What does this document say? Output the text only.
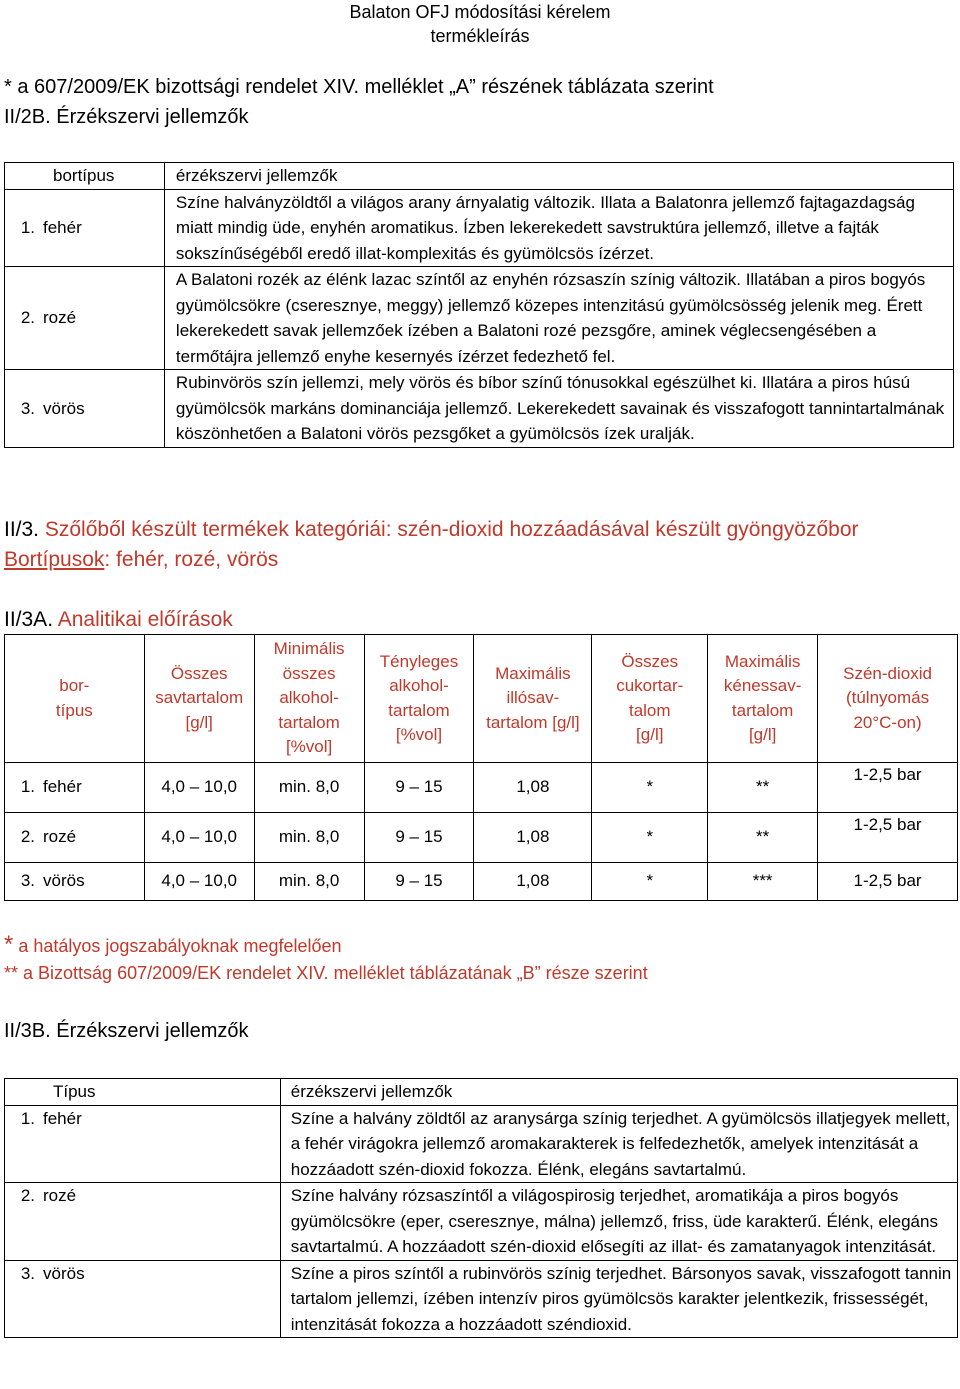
Balaton OFJ módosítási kérelem
termékleírás
* a 607/2009/EK bizottsági rendelet XIV. melléklet „A” részének táblázata szerint
II/2B. Érzékszervi jellemzők
bortípus	érzékszervi jellemzők
1. fehér	Színe halványzöldtől a világos arany árnyalatig változik. Illata a Balatonra jellemző fajtagazdagság miatt mindig üde, enyhén aromatikus. Ízben lekerekedett savstruktúra jellemző, illetve a fajták sokszínűségéből eredő illat-komplexitás és gyümölcsös ízérzet.
2. rozé	A Balatoni rozék az élénk lazac színtől az enyhén rózsaszín színig változik. Illatában a piros bogyós gyümölcsökre (cseresznye, meggy) jellemző közepes intenzitású gyümölcsösség jelenik meg. Érett lekerekedett savak jellemzőek ízében a Balatoni rozé pezsgőre, aminek véglecsengésében a termőtájra jellemző enyhe kesernyés ízérzet fedezhető fel.
3. vörös	Rubinvörös szín jellemzi, mely vörös és bíbor színű tónusokkal egészülhet ki. Illatára a piros húsú gyümölcsök markáns dominanciája jellemző. Lekerekedett savainak és visszafogott tannintartalmának köszönhetően a Balatoni vörös pezsgőket a gyümölcsös ízek uralják.
II/3. Szőlőből készült termékek kategóriái: szén-dioxid hozzáadásával készült gyöngyözőbor
Bortípusok: fehér, rozé, vörös
II/3A. Analitikai előírások
bor-
típus	Összes
savtartalom
[g/l]	Minimális
összes
alkohol-
tartalom
[%vol]	Tényleges
alkohol-
tartalom
[%vol]	Maximális
illósav-
tartalom [g/l]	Összes
cukortar-
talom
[g/l]	Maximális
kénessav-
tartalom
[g/l]	Szén-dioxid
(túlnyomás
20°C-on)
1. fehér	4,0 – 10,0	min. 8,0	9 – 15	1,08	*	**	1-2,5 bar
2. rozé	4,0 – 10,0	min. 8,0	9 – 15	1,08	*	**	1-2,5 bar
3. vörös	4,0 – 10,0	min. 8,0	9 – 15	1,08	*	***	1-2,5 bar
* a hatályos jogszabályoknak megfelelően
** a Bizottság 607/2009/EK rendelet XIV. melléklet táblázatának „B” része szerint
II/3B. Érzékszervi jellemzők
Típus	érzékszervi jellemzők
1. fehér	Színe a halvány zöldtől az aranysárga színig terjedhet. A gyümölcsös illatjegyek mellett, a fehér virágokra jellemző aromakarakterek is felfedezhetők, amelyek intenzitását a hozzáadott szén-dioxid fokozza. Élénk, elegáns savtartalmú.
2. rozé	Színe halvány rózsaszíntől a világospirosig terjedhet, aromatikája a piros bogyós gyümölcsökre (eper, cseresznye, málna) jellemző, friss, üde karakterű. Élénk, elegáns savtartalmú. A hozzáadott szén-dioxid elősegíti az illat- és zamatanyagok intenzitását.
3. vörös	Színe a piros színtől a rubinvörös színig terjedhet. Bársonyos savak, visszafogott tannin tartalom jellemzi, ízében intenzív piros gyümölcsös karakter jelentkezik, frissességét, intenzitását fokozza a hozzáadott széndioxid.
